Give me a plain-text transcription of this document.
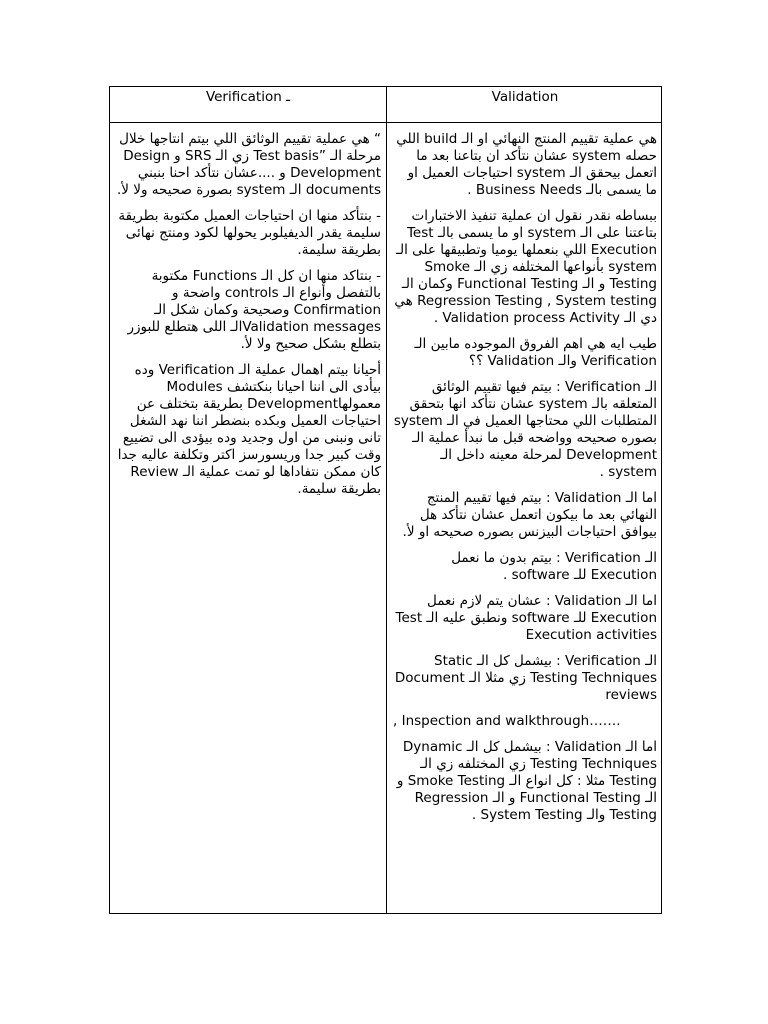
Verification ـ	Validation

“ هي عملية تقييم الوثائق اللي بيتم انتاجها خلال مرحلة الـ ”Test basis زي الـ SRS و Design Development و ....عشان نتأكد احنا بنبني documents الـ system بصورة صحيحه ولا لأ.

- بنتأكد منها ان احتياجات العميل مكتوبة بطريقة سليمة يقدر الديفيلوبر يحولها لكود ومنتج نهائى بطريقة سليمة.

- بنتاكد منها ان كل الـ Functions مكتوبة بالتفصل وأنواع الـ controls واضحة و Confirmation وصحيحة وكمان شكل الـ Validation messagesالـ اللى هتطلع للبوزر بتطلع بشكل صحيح ولا لأ.

أحيانا بيتم اهمال عملية الـ Verification وده بيأدى الى اننا احيانا بنكتشف Modules معمولهاDevelopment بطريقة بتختلف عن احتياجات العميل وبكده بنضطر اننا نهد الشغل تانى ونبنى من اول وجديد وده بيؤدى الى تضييع وقت كبير جدا وريسورسز اكتر وتكلفة عاليه جدا كان ممكن نتفاداها لو تمت عملية الـ Review بطريقة سليمة.

هي عملية تقييم المنتج النهائي او الـ build اللي حصله system عشان نتأكد ان بتاعنا بعد ما اتعمل بيحقق الـ system احتياجات العميل او ما يسمى بالـ Business Needs .

ببساطه نقدر نقول ان عملية تنفيذ الاختبارات بتاعتنا على الـ system او ما يسمى بالـ Test Execution اللي بنعملها يوميا وتطبيقها على الـ system بأنواعها المختلفه زي الـ Smoke Testing و الـ Functional Testing وكمان الـ Regression Testing , System testing هي دي الـ Validation process Activity .

طيب ايه هي اهم الفروق الموجوده مابين الـ Verification والـ Validation ؟؟

الـ Verification : بيتم فيها تقييم الوثائق المتعلقه بالـ system عشان نتأكد انها بتحقق المتطلبات اللي محتاجها العميل في الـ system بصوره صحيحه وواضحه قبل ما نبدأ عملية الـ Development لمرحلة معينه داخل الـ system .

اما الـ Validation : بيتم فيها تقييم المنتج النهائي بعد ما بيكون اتعمل عشان نتأكد هل بيوافق احتياجات البيزنس بصوره صحيحه او لأ.

الـ Verification : بيتم بدون ما نعمل Execution للـ software .

اما الـ Validation : عشان يتم لازم نعمل Execution للـ software ونطبق عليه الـ Test Execution activities

الـ Verification : بيشمل كل الـ Static Testing Techniques زي مثلا الـ Document reviews

, Inspection and walkthrough…….

اما الـ Validation : بيشمل كل الـ Dynamic Testing Techniques زي المختلفه زي الـ Testing مثلا : كل انواع الـ Smoke Testing و الـ Functional Testing و الـ Regression Testing والـ System Testing .
